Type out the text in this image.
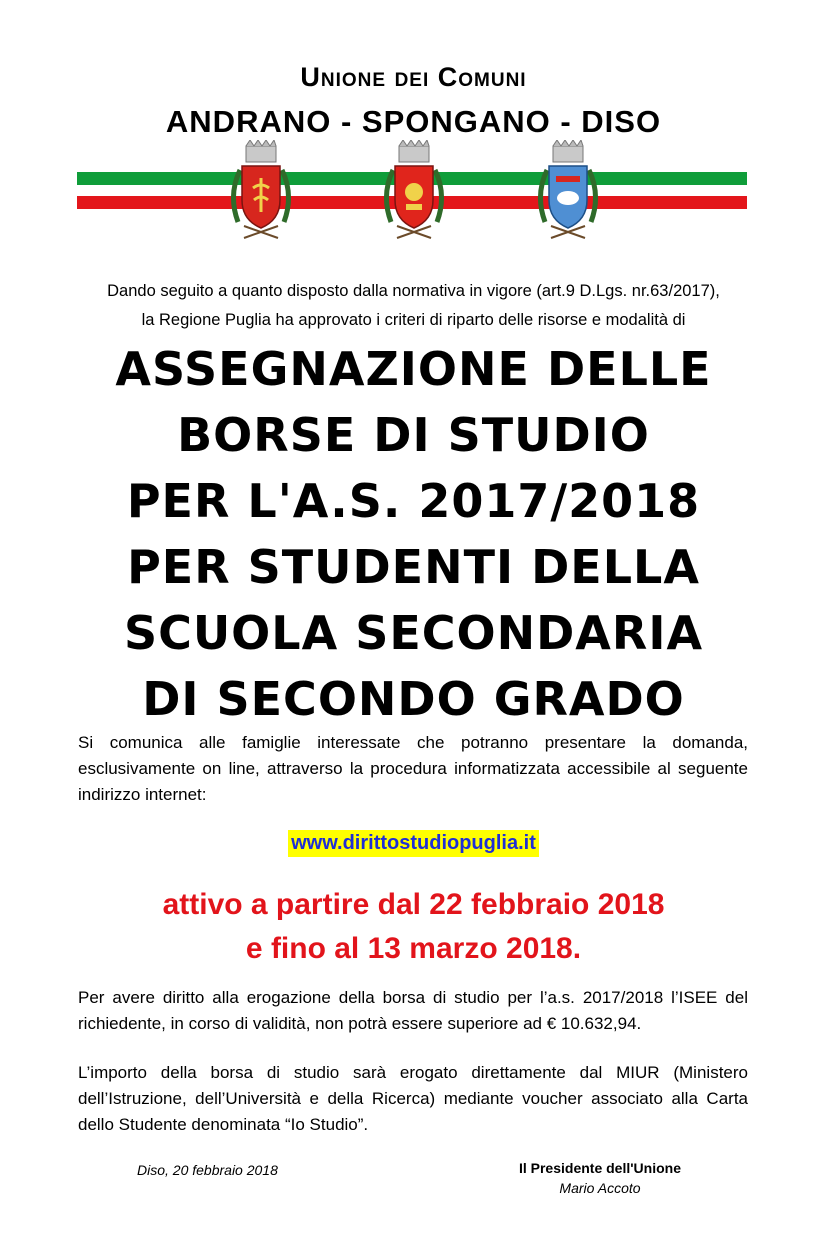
Unione dei Comuni
ANDRANO - SPONGANO - DISO
Dando seguito a quanto disposto dalla normativa in vigore (art.9 D.Lgs. nr.63/2017),
la Regione Puglia ha approvato i criteri di riparto delle risorse e modalità di
ASSEGNAZIONE DELLE
BORSE DI STUDIO
PER L'A.S. 2017/2018
PER STUDENTI DELLA
SCUOLA SECONDARIA
DI SECONDO GRADO
Si comunica alle famiglie interessate che potranno presentare la domanda, esclusivamente on line, attraverso la procedura informatizzata accessibile al seguente indirizzo internet:
www.dirittostudiopuglia.it
attivo a partire dal 22 febbraio 2018
e fino al 13 marzo 2018.
Per avere diritto alla erogazione della borsa di studio per l’a.s. 2017/2018 l’ISEE del richiedente, in corso di validità, non potrà essere superiore ad € 10.632,94.
L’importo della borsa di studio sarà erogato direttamente dal MIUR (Ministero dell’Istruzione, dell’Università e della Ricerca) mediante voucher associato alla Carta dello Studente denominata “Io Studio”.
Diso, 20 febbraio 2018	Il Presidente dell'Unione
Mario Accoto
